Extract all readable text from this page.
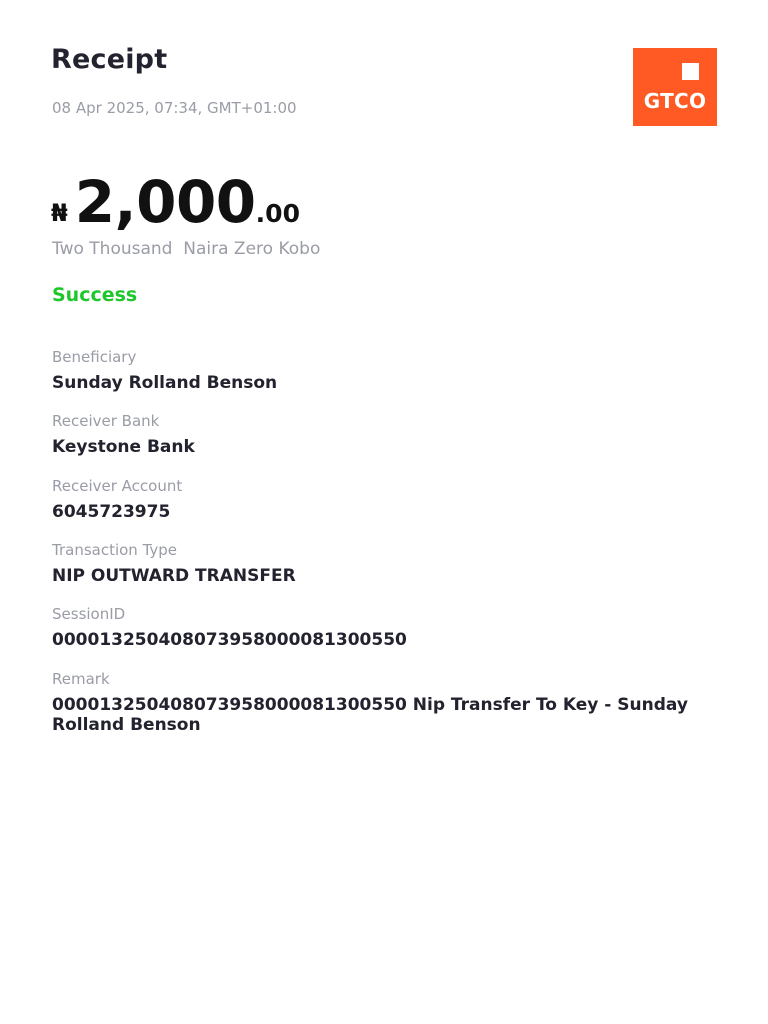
Receipt
08 Apr 2025, 07:34, GMT+01:00	GTCO
₦ 2,000 .00
Two Thousand  Naira Zero Kobo
Success
Beneficiary
Sunday Rolland Benson
Receiver Bank
Keystone Bank
Receiver Account
6045723975
Transaction Type
NIP OUTWARD TRANSFER
SessionID
000013250408073958000081300550
Remark
000013250408073958000081300550 Nip Transfer To Key - Sunday Rolland Benson
